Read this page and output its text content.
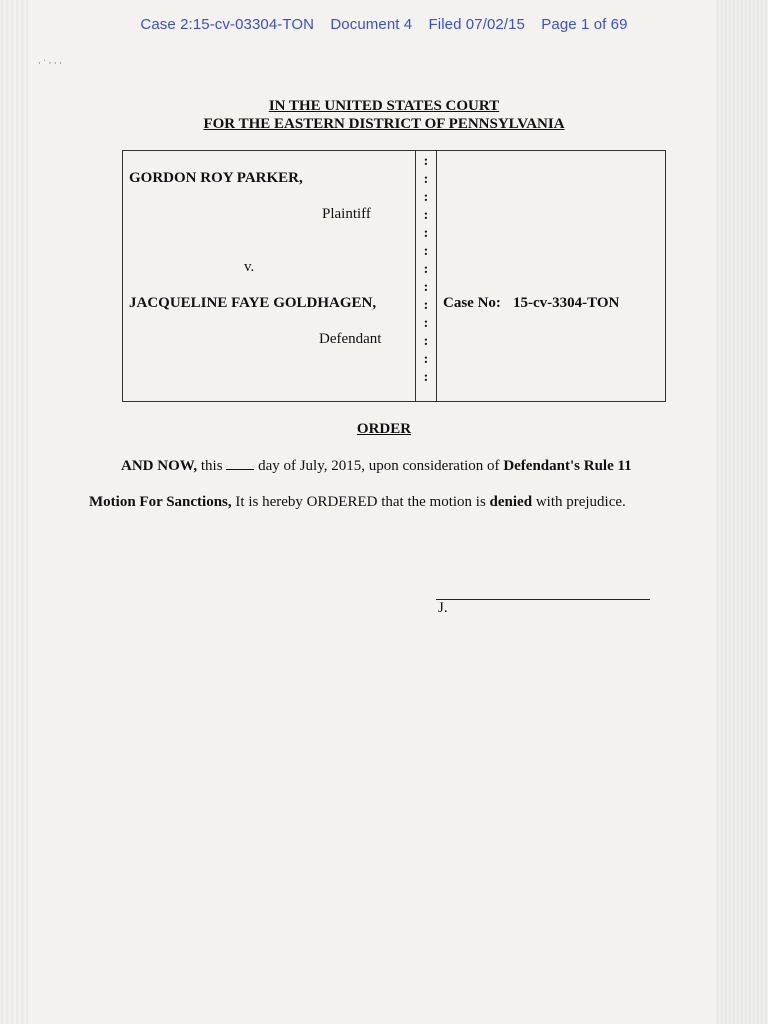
· ˈ · · ·
Case 2:15-cv-03304-TON Document 4 Filed 07/02/15 Page 1 of 69
IN THE UNITED STATES COURT
FOR THE EASTERN DISTRICT OF PENNSYLVANIA
GORDON ROY PARKER,
Plaintiff
v.
JACQUELINE FAYE GOLDHAGEN,
Defendant
:
:
:
:
:
:
:
:
:
:
:
:
:
Case No: 15-cv-3304-TON
ORDER
AND NOW, this  day of July, 2015, upon consideration of Defendant's Rule 11
Motion For Sanctions, It is hereby ORDERED that the motion is denied with prejudice.
J.
